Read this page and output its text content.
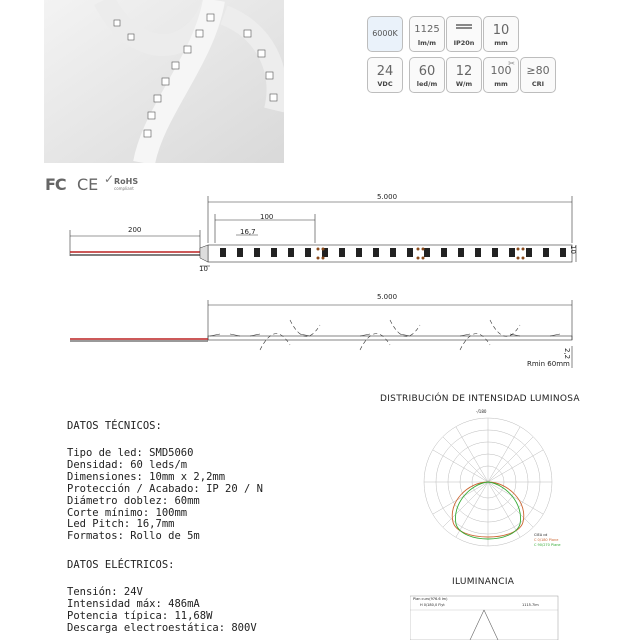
6000K	1125
lm/m	IP20n
10
mm
24
VDC
60
led/m
12
W/m
✂
100
mm
≥80
CRI
FC CE ✓ RoHS
compliant
5.000
100
16,7
200
10
10
5.000
Rmin 60mm
2,2
DISTRIBUCIÓN DE INTENSIDAD LUMINOSA
-/180
CIEA cd
C 0/180 Plane
C 90/270 Plane
ILUMINANCIA
Plan curv(976.6 lm)
H 0/180,0 Flyt	1115.7lm
DATOS TÉCNICOS:
Tipo de led: SMD5060
Densidad: 60 leds/m
Dimensiones: 10mm x 2,2mm
Protección / Acabado: IP 20 / N
Diámetro doblez: 60mm
Corte mínimo: 100mm
Led Pitch: 16,7mm
Formatos: Rollo de 5m
DATOS ELÉCTRICOS:
Tensión: 24V
Intensidad máx: 486mA
Potencia típica: 11,68W
Descarga electroestática: 800V
